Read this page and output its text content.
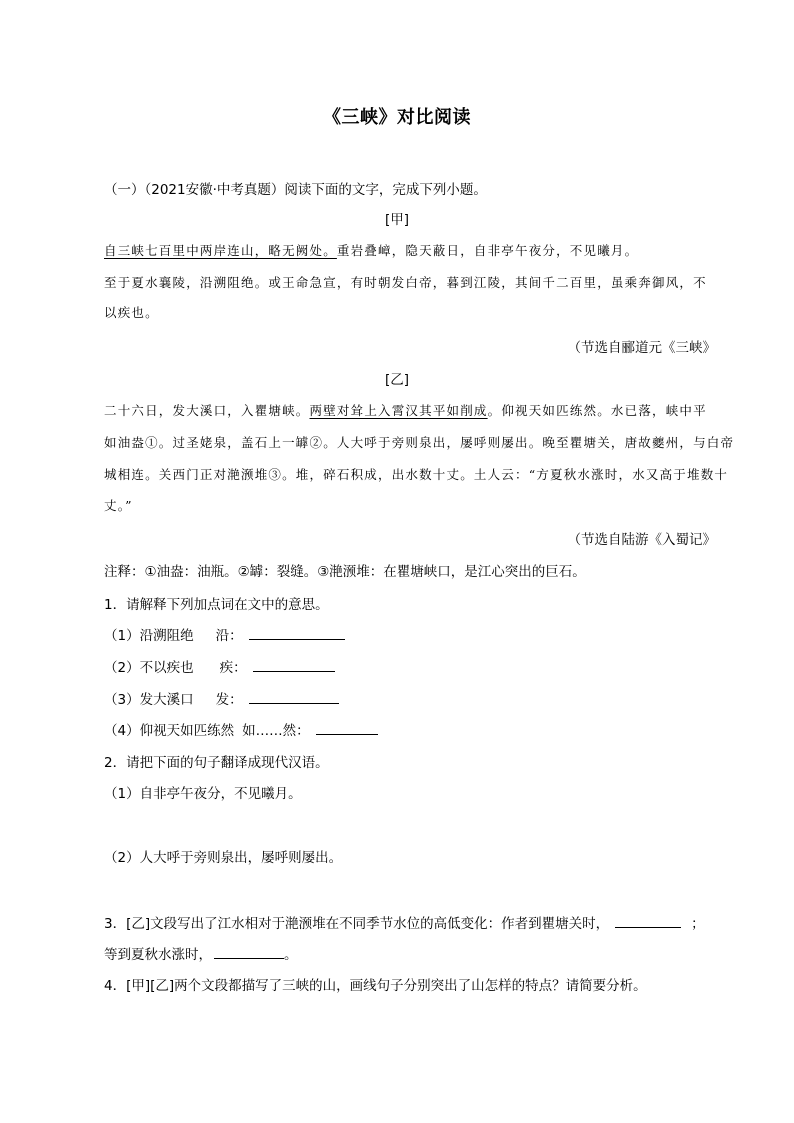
《三峡》对比阅读
（一）（2021安徽·中考真题）阅读下面的文字，完成下列小题。
[甲]
自三峡七百里中两岸连山，略无阙处。重岩叠嶂，隐天蔽日，自非亭午夜分，不见曦月。
至于夏水襄陵，沿溯阻绝。或王命急宣，有时朝发白帝，暮到江陵，其间千二百里，虽乘奔御风，不
以疾也。
（节选自郦道元《三峡》
[乙]
二十六日，发大溪口，入瞿塘峡。两壁对耸上入霄汉其平如削成。仰视天如匹练然。水已落，峡中平
如油盎①。过圣姥泉，盖石上一罅②。人大呼于旁则泉出，屡呼则屡出。晚至瞿塘关，唐故夔州，与白帝
城相连。关西门正对滟滪堆③。堆，碎石积成，出水数十丈。土人云：“方夏秋水涨时，水又高于堆数十
丈。”
（节选自陆游《入蜀记》
注释：①油盎：油瓶。②罅：裂缝。③滟滪堆：在瞿塘峡口，是江心突出的巨石。
1．请解释下列加点词在文中的意思。
（1）沿溯阻绝 沿：
（2）不以疾也 疾：
（3）发大溪口 发：
（4）仰视天如匹练然 如……然：
2．请把下面的句子翻译成现代汉语。
（1）自非亭午夜分，不见曦月。
（2）人大呼于旁则泉出，屡呼则屡出。
3．[乙]文段写出了江水相对于滟滪堆在不同季节水位的高低变化：作者到瞿塘关时，	；
等到夏秋水涨时，	。
4．[甲][乙]两个文段都描写了三峡的山，画线句子分别突出了山怎样的特点？请简要分析。
